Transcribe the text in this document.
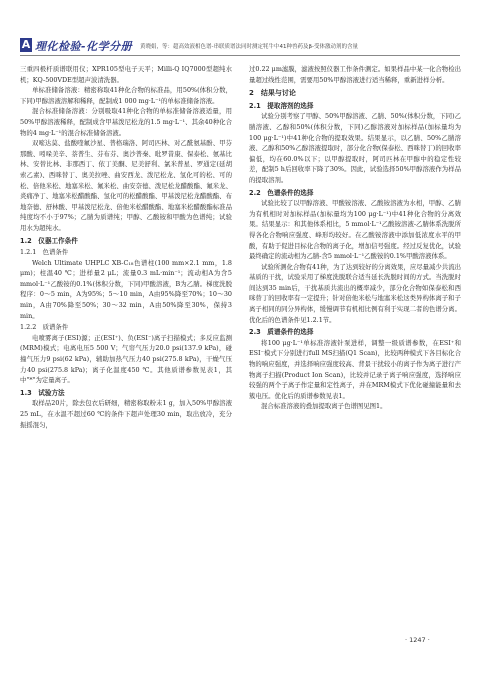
A 理化检验-化学分册 黄晓娟，等：超高效液相色谱-串联质谱法同时测定牦牛中41种兽药及β-受体激动剂的含量

三重四极杆质谱联用仪；XPR105型电子天平；Milli-Q IQ7000型超纯水机；KQ-500VDE型超声波清洗器。

单标准储备溶液：精密称取41种化合物的标准品，用50%(体积分数，下同)甲醇溶液溶解和稀释，配制成1 000 mg·L⁻¹的单标准储备溶液。

混合标准储备溶液：分别吸取41种化合物的单标准储备溶液适量，用50%甲醇溶液稀释，配制成含甲基泼尼松龙的1.5 mg·L⁻¹、其余40种化合物的4 mg·L⁻¹的混合标准储备溶液。

双嘧达莫、盐酸喹氟沙星、普格瑞洛、阿司匹林、对乙酰氨基酚、甲芬那酸、吲哚美辛、萘普生、芬布芬、奥沙普秦、吡罗昔康、保泰松、氨基比林、安替比林、非那西丁、依丁美酮、尼美舒利、氯米普星、罗通定(延胡索乙素)、西咪替丁、奥美拉唑、曲安西龙、泼尼松龙、氢化可的松、可的松、倍他米松、地塞米松、氟米松、曲安奈德、泼尼松龙醋酸酯、氟米龙、炎痛净丁、地塞米松醋酸酯、氢化可的松醋酸酯、甲基泼尼松龙醋酸酯、布地奈德、舒林酸、甲基泼尼松龙、倍他米松醋酸酯、地塞米松醋酸酯标准品纯度均不小于97%；乙腈为质谱纯；甲醇、乙酸铵和甲酸为色谱纯；试验用水为超纯水。

1.2　仪器工作条件
1.2.1　色谱条件

Welch Ultimate UHPLC XB-C₁₈色谱柱(100 mm×2.1 mm，1.8 μm)；柱温40 ℃；进样量2 μL；流量0.3 mL·min⁻¹；流动相A为含5 mmol·L⁻¹乙酸铵的0.1%(体积分数，下同)甲酸溶液，B为乙腈。梯度洗脱程序：0～5 min，A为95%；5～10 min，A由95%降至70%；10～30 min，A由70%降至50%；30～32 min，A由50%降至30%，保持3 min。

1.2.2　质谱条件

电喷雾离子(ESI)源；正(ESI⁺)、负(ESI⁻)离子扫描模式；多反应监测(MRM)模式；电离电压5 500 V；气帘气压力20.0 psi(137.9 kPa)，碰撞气压力9 psi(62 kPa)，辅助加热气压力40 psi(275.8 kPa)，干燥气压力40 psi(275.8 kPa)；离子化温度450 ℃。其他质谱参数见表1，其中"*"为定量离子。

1.3　试验方法

取样品20片，除去包衣后研细，精密称取粉末1 g，加入50%甲醇溶液25 mL，在水温不超过60 ℃的条件下超声处理30 min，取出放冷，充分振摇混匀，

过0.22 μm滤膜，滤液按照仪器工作条件测定。如果样品中某一化合物检出量超过线性范围，需要用50%甲醇溶液进行适当稀释，重新进样分析。

2　结果与讨论
2.1　提取溶剂的选择

试验分别考察了甲醇、50%甲醇溶液、乙腈、50%(体积分数，下同)乙腈溶液、乙醇和50%(体积分数，下同)乙醇溶液对加标样品(加标量均为100 μg·L⁻¹)中41种化合物的提取效果。结果显示，以乙腈、50%乙腈溶液、乙醇和50%乙醇溶液提取时，部分化合物(保泰松、西咪替丁)的回收率偏低，均在60.0%以下；以甲醇提取时，阿司匹林在甲醇中的稳定性较差，配制5 h后回收率下降了30%。因此，试验选择50%甲醇溶液作为样品的提取溶剂。

2.2　色谱条件的选择

试验比较了以甲醇溶液、甲酸铵溶液、乙酸铵溶液为水相，甲醇、乙腈为有机相时对加标样品(加标量均为100 μg·L⁻¹)中41种化合物的分离效果。结果显示：和其他体系相比，5 mmol·L⁻¹乙酸铵溶液-乙腈体系洗脱所得各化合物响应强度、峰形均较好。在乙酸铵溶液中添加低浓度水平的甲酸，有助于促进目标化合物的离子化，增加信号强度。经过反复优化，试验最终确定的流动相为乙腈-含5 mmol·L⁻¹乙酸铵的0.1%甲酸溶液体系。

试验所测化合物有41种，为了达到较好的分离效果，应尽量减少共流出基质的干扰，试验采用了梯度洗脱联合适当延长洗脱时间的方式。当洗脱时间达到35 min后，干扰基质共流出的概率减少，部分化合物如保泰松和西咪替丁的回收率有一定提升；针对倍他米松与地塞米松这类异构体离子和子离子相同的同分异构体，缓慢调节有机相比例有利于实现二者的色谱分离。优化后的色谱条件见1.2.1节。

2.3　质谱条件的选择

将100 μg·L⁻¹单标准溶液针泵进样，调整一级质谱参数，在ESI⁺和ESI⁻模式下分别进行full MS扫描(Q1 Scan)，比较两种模式下各目标化合物的响应强度，并选择响应强度较高、背景干扰较小的离子作为离子进行产物离子扫描(Product Ion Scan)，比较并记录子离子响应强度，选择响应较强的两个子离子作定量和定性离子，并在MRM模式下优化碰撞能量和去簇电压。优化后的质谱参数见表1。

混合标准溶液的叠加提取离子色谱图见图1。

· 1247 ·
